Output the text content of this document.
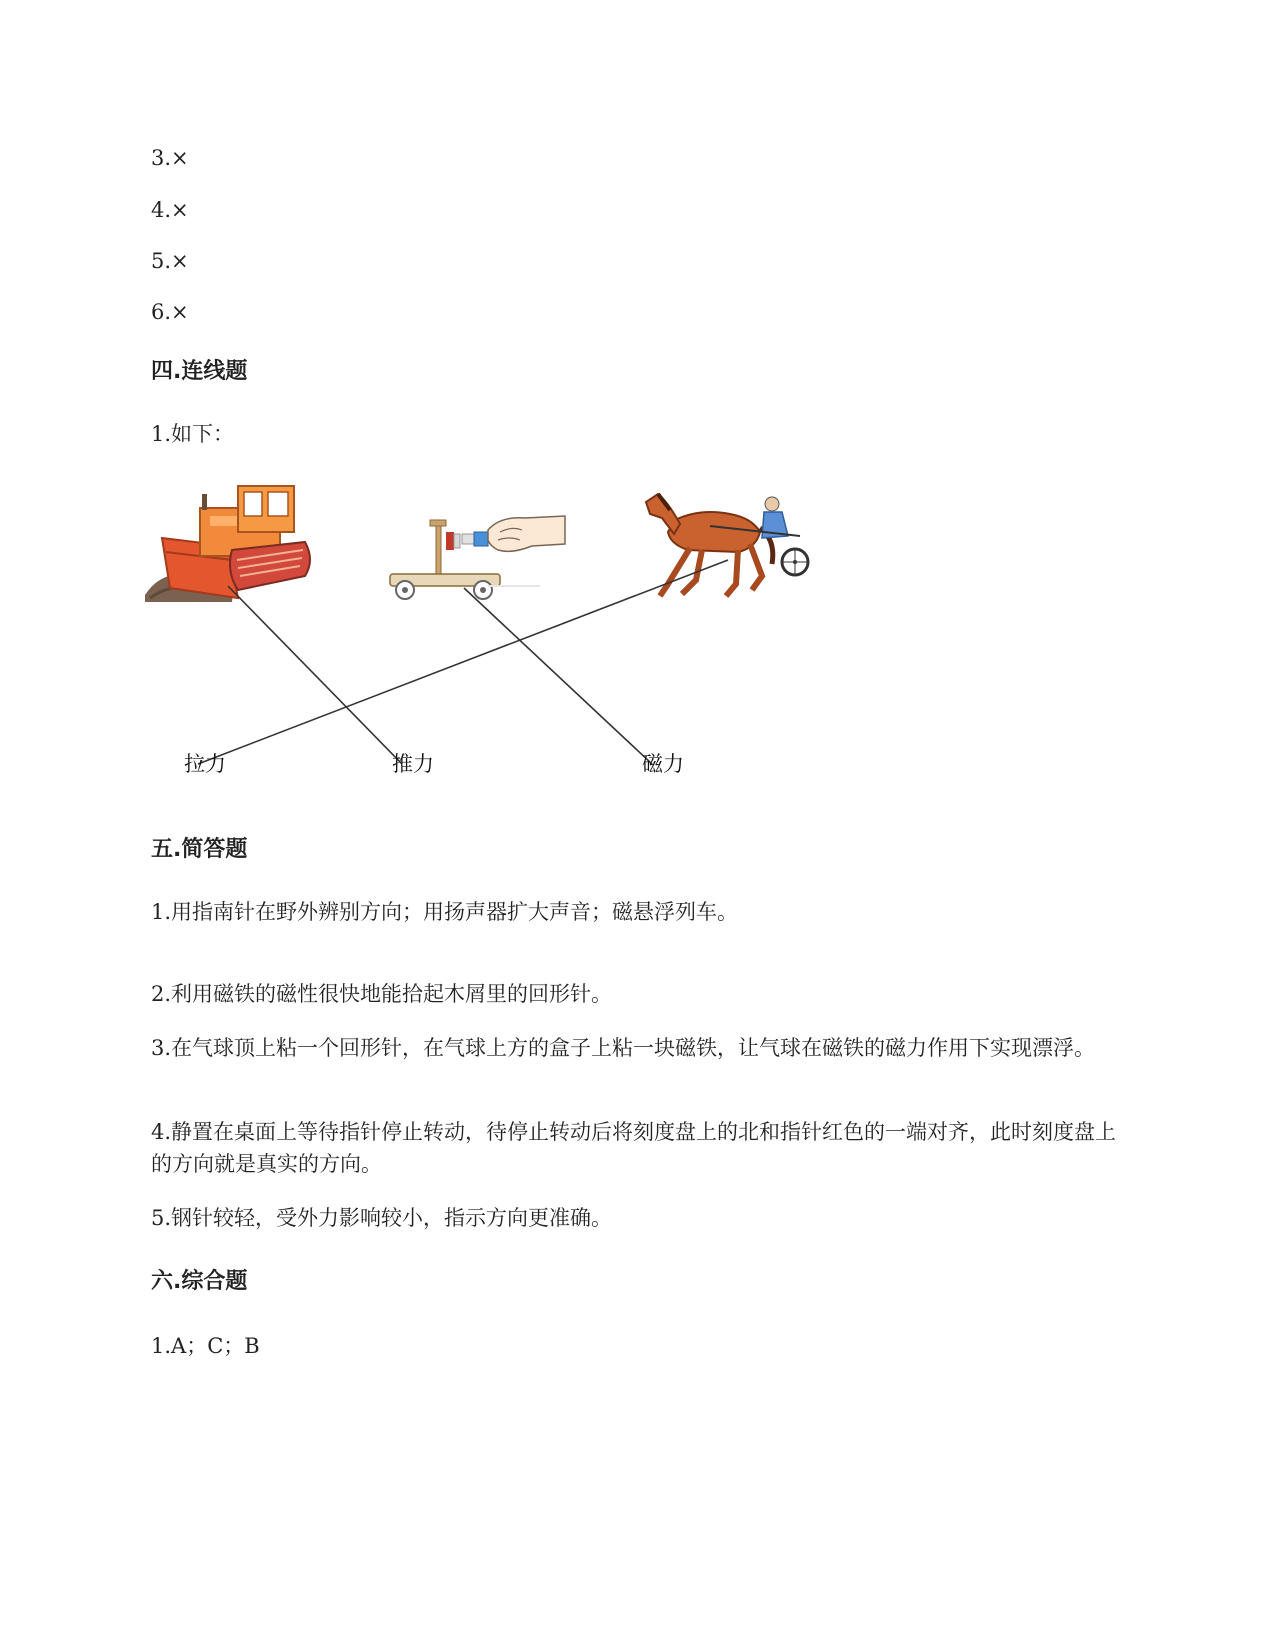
3.×
4.×
5.×
6.×
四.连线题
1.如下：
拉力	推力	磁力
五.简答题
1.用指南针在野外辨别方向；用扬声器扩大声音；磁悬浮列车。
2.利用磁铁的磁性很快地能拾起木屑里的回形针。
3.在气球顶上粘一个回形针，在气球上方的盒子上粘一块磁铁，让气球在磁铁的磁力作用下实现漂浮。
4.静置在桌面上等待指针停止转动，待停止转动后将刻度盘上的北和指针红色的一端对齐，此时刻度盘上的方向就是真实的方向。
5.钢针较轻，受外力影响较小，指示方向更准确。
六.综合题
1.A；C；B
